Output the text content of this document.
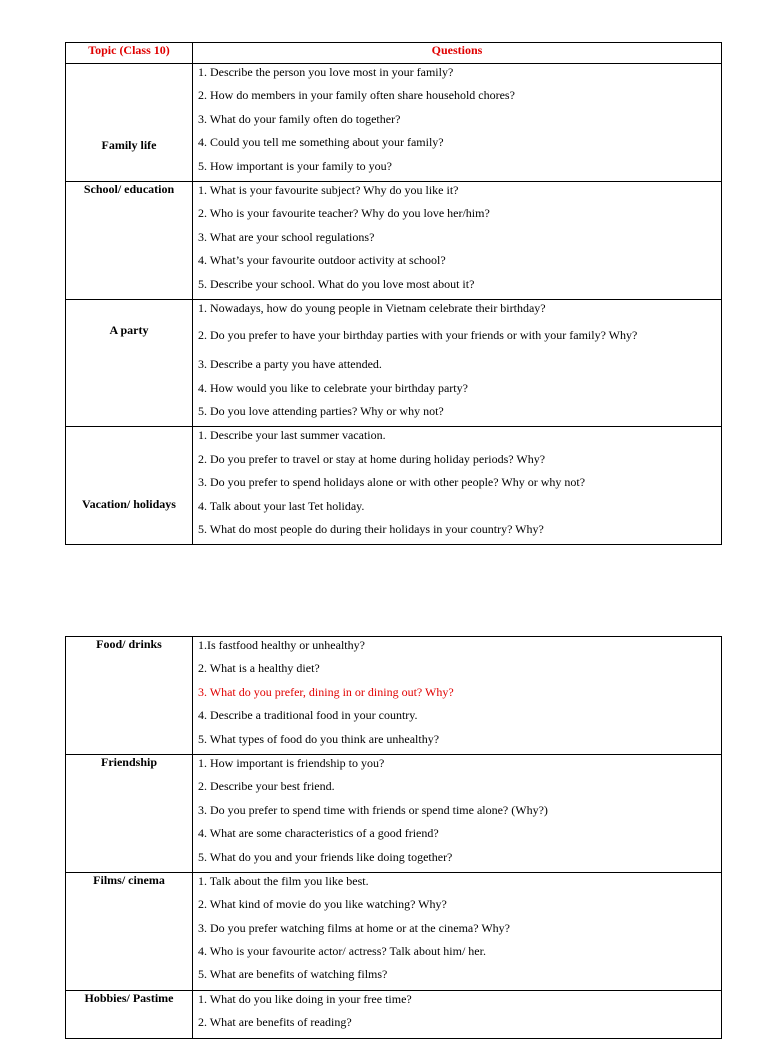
Topic (Class 10)	Questions

Family life	1. Describe the person you love most in your family?
2. How do members in your family often share household chores?
3. What do your family often do together?
4. Could you tell me something about your family?
5. How important is your family to you?

School/ education	1. What is your favourite subject? Why do you like it?
2. Who is your favourite teacher? Why do you love her/him?
3. What are your school regulations?
4. What’s your favourite outdoor activity at school?
5. Describe your school. What do you love most about it?

A party	1. Nowadays, how do young people in Vietnam celebrate their birthday?
2. Do you prefer to have your birthday parties with your friends or with your family? Why?
3. Describe a party you have attended.
4. How would you like to celebrate your birthday party?
5. Do you love attending parties? Why or why not?

Vacation/ holidays	1. Describe your last summer vacation.
2. Do you prefer to travel or stay at home during holiday periods? Why?
3. Do you prefer to spend holidays alone or with other people? Why or why not?
4. Talk about your last Tet holiday.
5. What do most people do during their holidays in your country? Why?
Food/ drinks	1.Is fastfood healthy or unhealthy?
2. What is a healthy diet?
3. What do you prefer, dining in or dining out? Why?
4. Describe a traditional food in your country.
5. What types of food do you think are unhealthy?

Friendship	1. How important is friendship to you?
2. Describe your best friend.
3. Do you prefer to spend time with friends or spend time alone? (Why?)
4. What are some characteristics of a good friend?
5. What do you and your friends like doing together?

Films/ cinema	1. Talk about the film you like best.
2. What kind of movie do you like watching? Why?
3. Do you prefer watching films at home or at the cinema? Why?
4. Who is your favourite actor/ actress? Talk about him/ her.
5. What are benefits of watching films?

Hobbies/ Pastime	1. What do you like doing in your free time?
2. What are benefits of reading?
